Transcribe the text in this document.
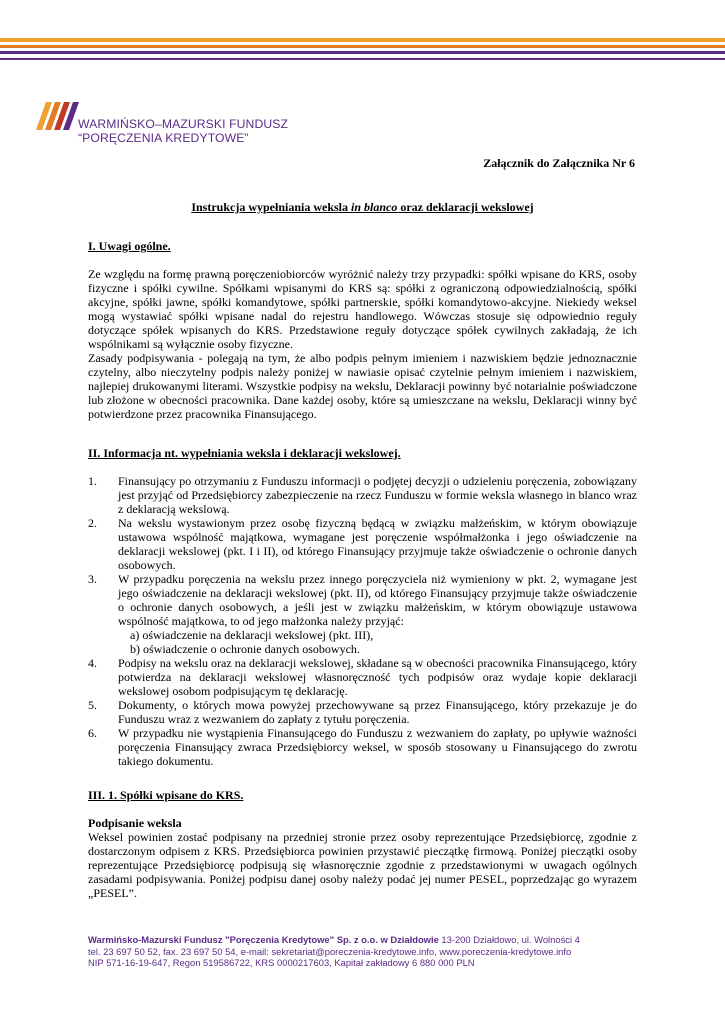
WARMIŃSKO–MAZURSKI FUNDUSZ
“PORĘCZENIA KREDYTOWE”
Załącznik do Załącznika Nr 6
Instrukcja wypełniania weksla in blanco oraz deklaracji wekslowej

I. Uwagi ogólne.

Ze względu na formę prawną poręczeniobiorców wyróżnić należy trzy przypadki: spółki wpisane do KRS, osoby fizyczne i spółki cywilne. Spółkami wpisanymi do KRS są: spółki z ograniczoną odpowiedzialnością, spółki akcyjne, spółki jawne, spółki komandytowe, spółki partnerskie, spółki komandytowo-akcyjne. Niekiedy weksel mogą wystawiać spółki wpisane nadal do rejestru handlowego. Wówczas stosuje się odpowiednio reguły dotyczące spółek wpisanych do KRS. Przedstawione reguły dotyczące spółek cywilnych zakładają, że ich wspólnikami są wyłącznie osoby fizyczne.

Zasady podpisywania - polegają na tym, że albo podpis pełnym imieniem i nazwiskiem będzie jednoznacznie czytelny, albo nieczytelny podpis należy poniżej w nawiasie opisać czytelnie pełnym imieniem i nazwiskiem, najlepiej drukowanymi literami. Wszystkie podpisy na wekslu, Deklaracji powinny być notarialnie poświadczone lub złożone w obecności pracownika. Dane każdej osoby, które są umieszczane na wekslu, Deklaracji winny być potwierdzone przez pracownika Finansującego.

II. Informacja nt. wypełniania weksla i deklaracji wekslowej.

1. Finansujący po otrzymaniu z Funduszu informacji o podjętej decyzji o udzieleniu poręczenia, zobowiązany jest przyjąć od Przedsiębiorcy zabezpieczenie na rzecz Funduszu w formie weksla własnego in blanco wraz z deklaracją wekslową.
2. Na wekslu wystawionym przez osobę fizyczną będącą w związku małżeńskim, w którym obowiązuje ustawowa wspólność majątkowa, wymagane jest poręczenie współmałżonka i jego oświadczenie na deklaracji wekslowej (pkt. I i II), od którego Finansujący przyjmuje także oświadczenie o ochronie danych osobowych.
3. W przypadku poręczenia na wekslu przez innego poręczyciela niż wymieniony w pkt. 2, wymagane jest jego oświadczenie na deklaracji wekslowej (pkt. II), od którego Finansujący przyjmuje także oświadczenie o ochronie danych osobowych, a jeśli jest w związku małżeńskim, w którym obowiązuje ustawowa wspólność majątkowa, to od jego małżonka należy przyjąć:
a) oświadczenie na deklaracji wekslowej (pkt. III),
b) oświadczenie o ochronie danych osobowych.
4. Podpisy na wekslu oraz na deklaracji wekslowej, składane są w obecności pracownika Finansującego, który potwierdza na deklaracji wekslowej własnoręczność tych podpisów oraz wydaje kopie deklaracji wekslowej osobom podpisującym tę deklarację.
5. Dokumenty, o których mowa powyżej przechowywane są przez Finansującego, który przekazuje je do Funduszu wraz z wezwaniem do zapłaty z tytułu poręczenia.
6. W przypadku nie wystąpienia Finansującego do Funduszu z wezwaniem do zapłaty, po upływie ważności poręczenia Finansujący zwraca Przedsiębiorcy weksel, w sposób stosowany u Finansującego do zwrotu takiego dokumentu.

III. 1. Spółki wpisane do KRS.

Podpisanie weksla

Weksel powinien zostać podpisany na przedniej stronie przez osoby reprezentujące Przedsiębiorcę, zgodnie z dostarczonym odpisem z KRS. Przedsiębiorca powinien przystawić pieczątkę firmową. Poniżej pieczątki osoby reprezentujące Przedsiębiorcę podpisują się własnoręcznie zgodnie z przedstawionymi w uwagach ogólnych zasadami podpisywania. Poniżej podpisu danej osoby należy podać jej numer PESEL, poprzedzając go wyrazem „PESEL”.

Warmińsko-Mazurski Fundusz "Poręczenia Kredytowe" Sp. z o.o. w Działdowie 13-200 Działdowo, ul. Wolności 4
tel. 23 697 50 52, fax. 23 697 50 54, e-mail: sekretariat@poreczenia-kredytowe.info, www.poreczenia-kredytowe.info
NIP 571-16-19-647, Regon 519586722, KRS 0000217603, Kapitał zakładowy 6 880 000 PLN
